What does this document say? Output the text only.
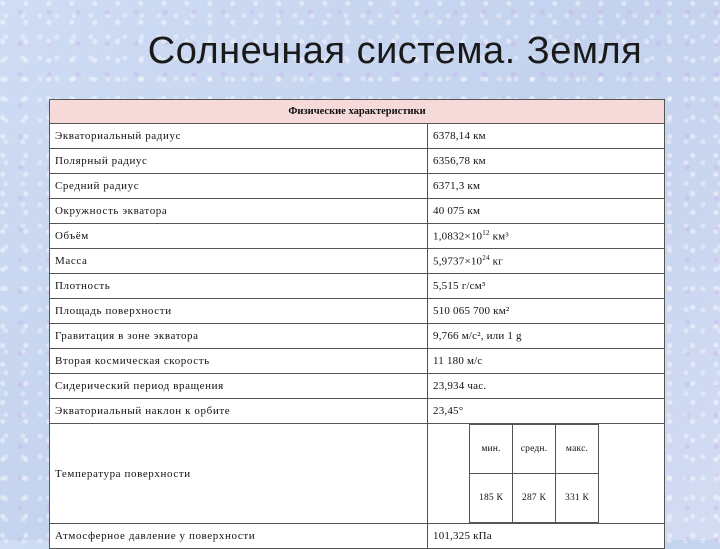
Солнечная система. Земля
Физические характеристики
Экваториальный радиус	6378,14 км
Полярный радиус	6356,78 км
Средний радиус	6371,3 км
Окружность экватора	40 075 км
Объём	$1,0832\times 10^{12}$ км³
Масса	$5,9737\times 10^{24}$ кг
Плотность	5,515 г/см³
Площадь поверхности	510 065 700 км²
Гравитация в зоне экватора	9,766 м/с², или 1 g
Вторая космическая скорость	11 180 м/с
Сидерический период вращения	23,934 час.
Экваториальный наклон к орбите	23,45°
Температура поверхности	
мин.	средн.	макс.
185 К	287 К	331 К

Атмосферное давление у поверхности	101,325 кПа
